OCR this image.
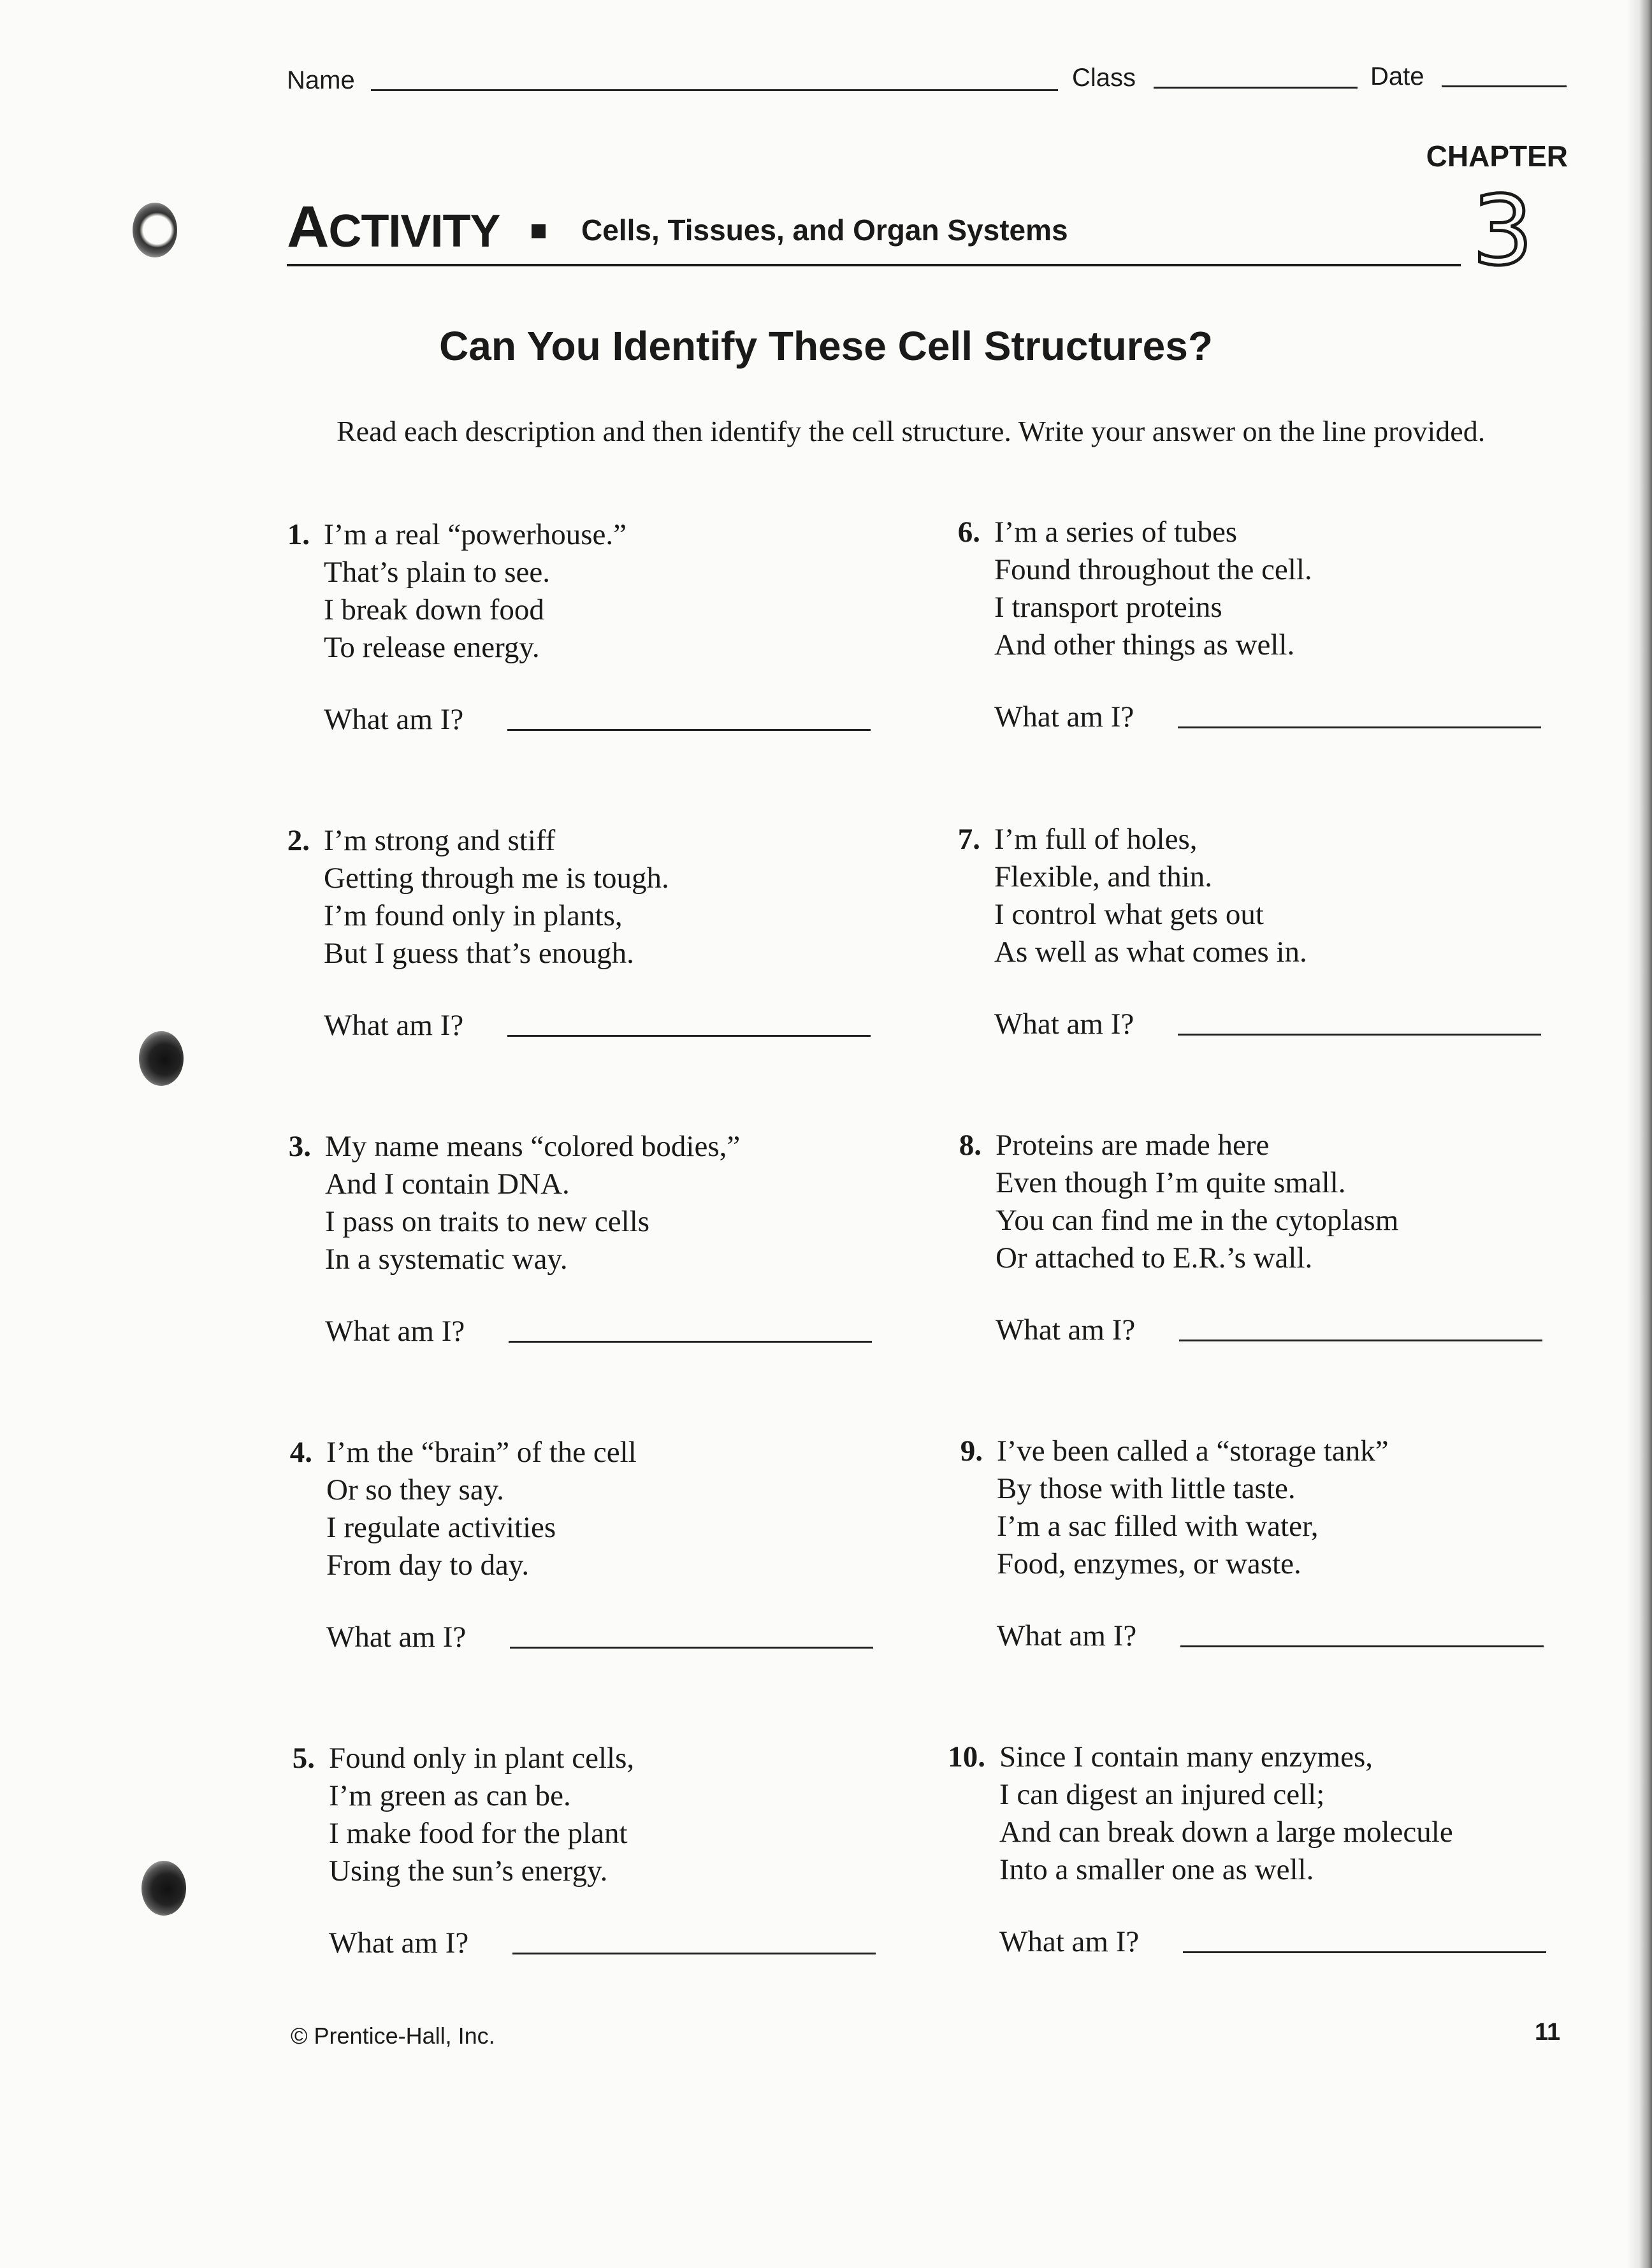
Name	Class	Date
CHAPTER
3
ACTIVITY	Cells, Tissues, and Organ Systems
Can You Identify These Cell Structures?
Read each description and then identify the cell structure. Write your answer on the line provided.
1. I’m a real “powerhouse.”
That’s plain to see.
I break down food
To release energy.
What am I?
2. I’m strong and stiff
Getting through me is tough.
I’m found only in plants,
But I guess that’s enough.
What am I?
3. My name means “colored bodies,”
And I contain DNA.
I pass on traits to new cells
In a systematic way.
What am I?
4. I’m the “brain” of the cell
Or so they say.
I regulate activities
From day to day.
What am I?
5. Found only in plant cells,
I’m green as can be.
I make food for the plant
Using the sun’s energy.
What am I?
6. I’m a series of tubes
Found throughout the cell.
I transport proteins
And other things as well.
What am I?
7. I’m full of holes,
Flexible, and thin.
I control what gets out
As well as what comes in.
What am I?
8. Proteins are made here
Even though I’m quite small.
You can find me in the cytoplasm
Or attached to E.R.’s wall.
What am I?
9. I’ve been called a “storage tank”
By those with little taste.
I’m a sac filled with water,
Food, enzymes, or waste.
What am I?
10. Since I contain many enzymes,
I can digest an injured cell;
And can break down a large molecule
Into a smaller one as well.
What am I?
© Prentice-Hall, Inc.	11
